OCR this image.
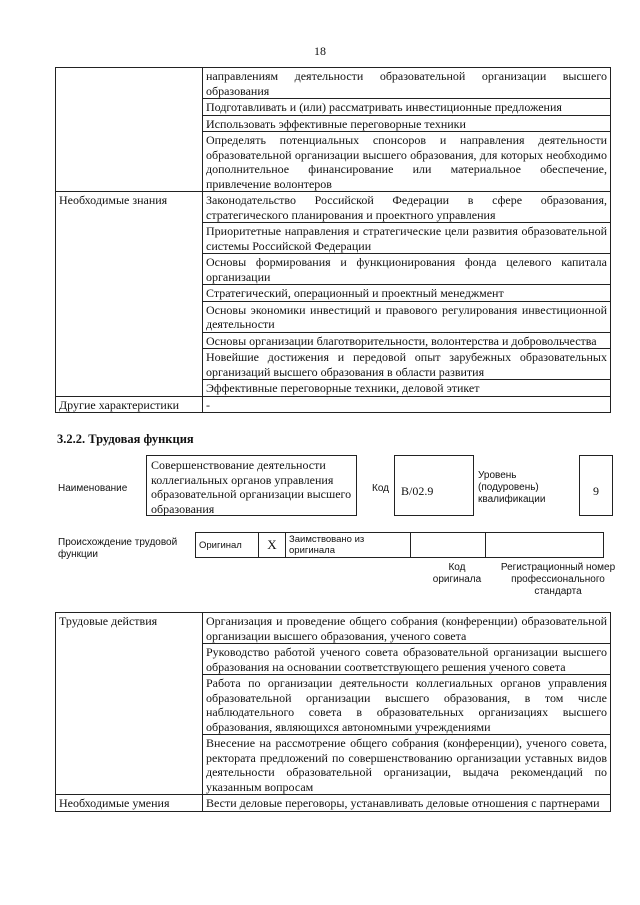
18
	направлениям деятельности образовательной организации высшего образования
	Подготавливать и (или) рассматривать инвестиционные предложения
	Использовать эффективные переговорные техники
	Определять потенциальных спонсоров и направления деятельности образовательной организации высшего образования, для которых необходимо дополнительное финансирование или материальное обеспечение, привлечение волонтеров
Необходимые знания	Законодательство Российской Федерации в сфере образования, стратегического планирования и проектного управления
	Приоритетные направления и стратегические цели развития образовательной системы Российской Федерации
	Основы формирования и функционирования фонда целевого капитала организации
	Стратегический, операционный и проектный менеджмент
	Основы экономики инвестиций и правового регулирования инвестиционной деятельности
	Основы организации благотворительности, волонтерства и добровольчества
	Новейшие достижения и передовой опыт зарубежных образовательных организаций высшего образования в области развития
	Эффективные переговорные техники, деловой этикет
Другие характеристики	-
3.2.2. Трудовая функция
Наименование
Совершенствование деятельности коллегиальных органов управления образовательной организации высшего образования
Код В/02.9
Уровень (подуровень) квалификации
9
Происхождение трудовой функции
Оригинал	X	Заимствовано из оригинала		
Код оригинала
Регистрационный номер профессионального стандарта
Трудовые действия	Организация и проведение общего собрания (конференции) образовательной организации высшего образования, ученого совета
	Руководство работой ученого совета образовательной организации высшего образования на основании соответствующего решения ученого совета
	Работа по организации деятельности коллегиальных органов управления образовательной организации высшего образования, в том числе наблюдательного совета в образовательных организациях высшего образования, являющихся автономными учреждениями
	Внесение на рассмотрение общего собрания (конференции), ученого совета, ректората предложений по совершенствованию организации уставных видов деятельности образовательной организации, выдача рекомендаций по указанным вопросам
Необходимые умения	Вести деловые переговоры, устанавливать деловые отношения с партнерами
